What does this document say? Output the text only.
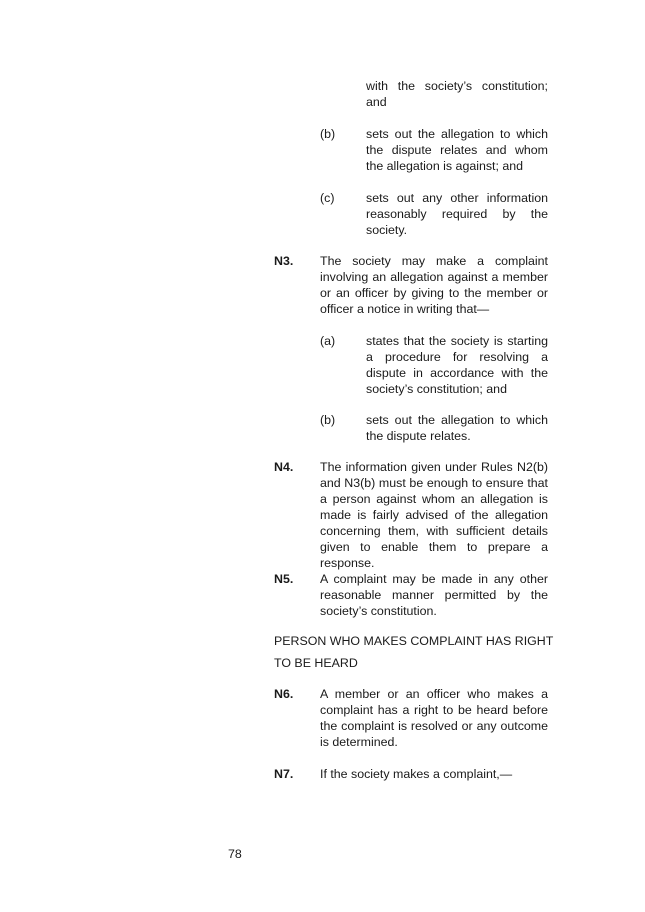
with the society’s constitution; and

(b) sets out the allegation to which the dispute relates and whom the allegation is against; and

(c)	sets out any other information reasonably required by the society.

N3. The society may make a complaint involving an allegation against a member or an officer by giving to the member or officer a notice in writing that—

(a) states that the society is starting a procedure for resolving a dispute in accordance with the society’s constitution; and

(b) sets out the allegation to which the dispute relates.

N4. The information given under Rules N2(b) and N3(b) must be enough to ensure that a person against whom an allegation is made is fairly advised of the allegation concerning them, with sufficient details given to enable them to prepare a response.

N5. A complaint may be made in any other reasonable manner permitted by the society’s constitution.

PERSON WHO MAKES COMPLAINT HAS RIGHT TO BE HEARD

N6. A member or an officer who makes a complaint has a right to be heard before the complaint is resolved or any outcome is determined.

N7. If the society makes a complaint,—

78
